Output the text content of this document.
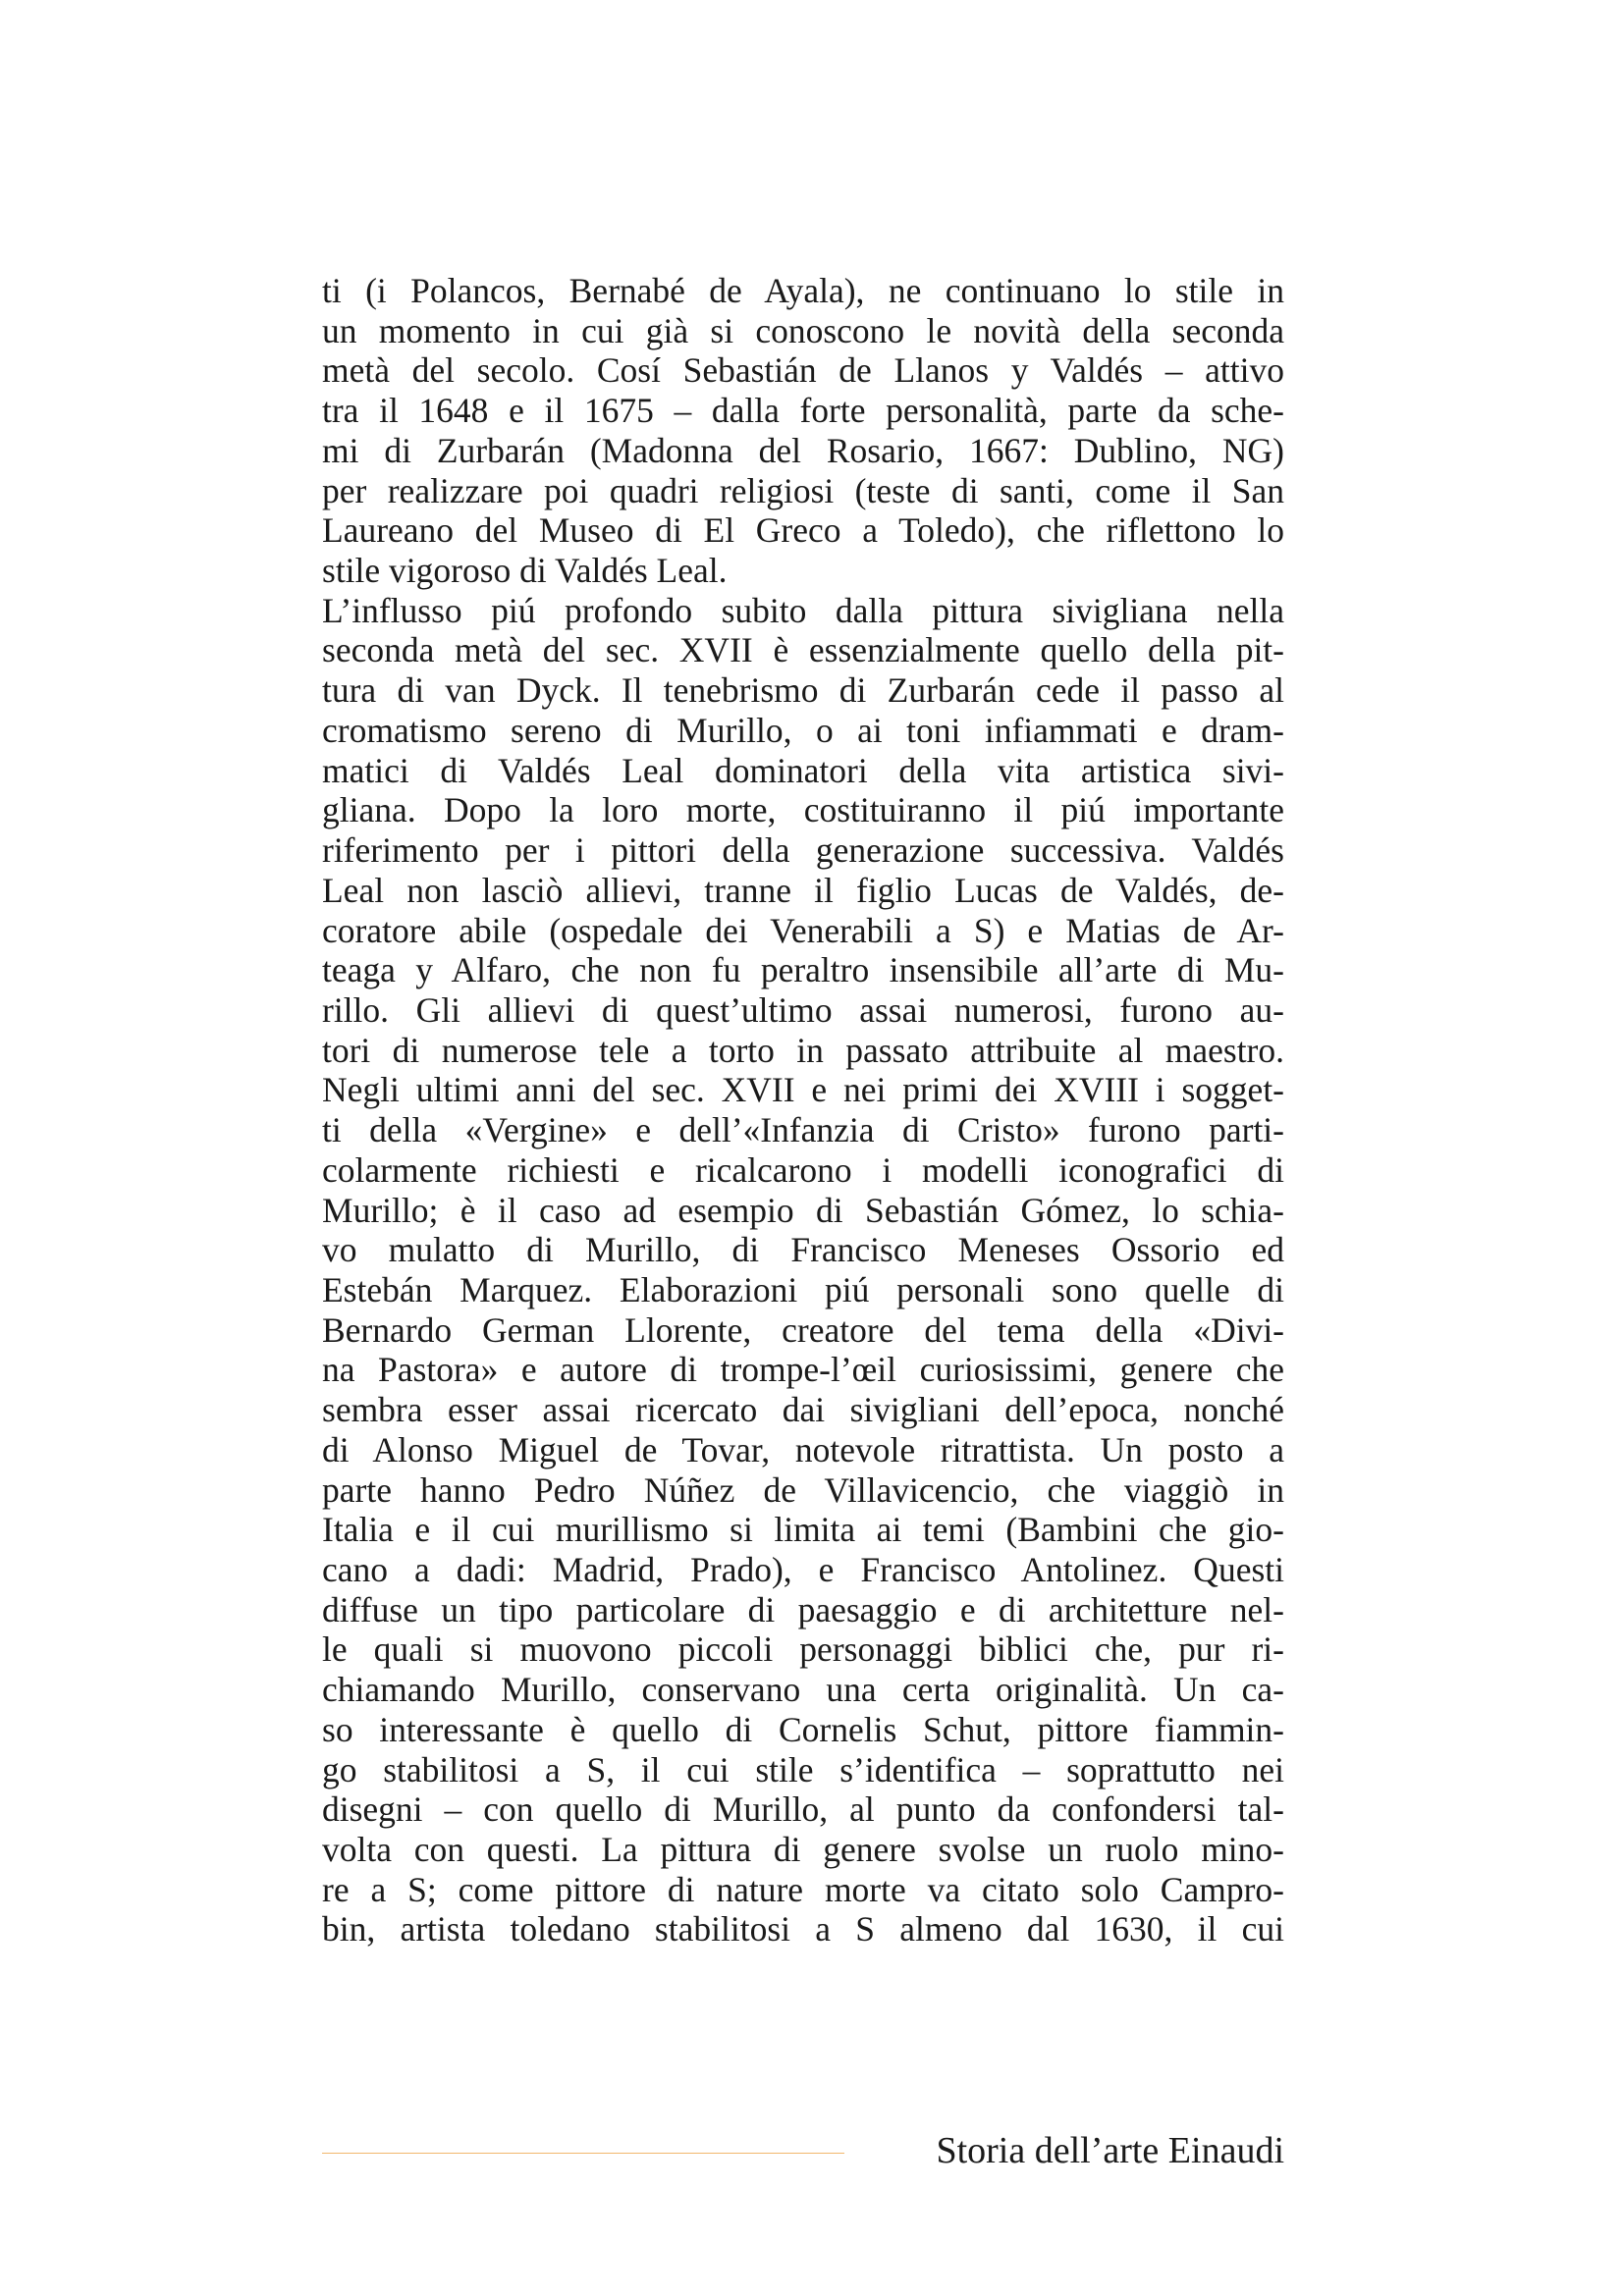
ti (i Polancos, Bernabé de Ayala), ne continuano lo stile in
un momento in cui già si conoscono le novità della seconda
metà del secolo. Cosí Sebastián de Llanos y Valdés – attivo
tra il 1648 e il 1675 – dalla forte personalità, parte da sche-
mi di Zurbarán (Madonna del Rosario, 1667: Dublino, NG)
per realizzare poi quadri religiosi (teste di santi, come il San
Laureano del Museo di El Greco a Toledo), che riflettono lo
stile vigoroso di Valdés Leal.
L’influsso piú profondo subito dalla pittura sivigliana nella
seconda metà del sec. XVII è essenzialmente quello della pit-
tura di van Dyck. Il tenebrismo di Zurbarán cede il passo al
cromatismo sereno di Murillo, o ai toni infiammati e dram-
matici di Valdés Leal dominatori della vita artistica sivi-
gliana. Dopo la loro morte, costituiranno il piú importante
riferimento per i pittori della generazione successiva. Valdés
Leal non lasciò allievi, tranne il figlio Lucas de Valdés, de-
coratore abile (ospedale dei Venerabili a S) e Matias de Ar-
teaga y Alfaro, che non fu peraltro insensibile all’arte di Mu-
rillo. Gli allievi di quest’ultimo assai numerosi, furono au-
tori di numerose tele a torto in passato attribuite al maestro.
Negli ultimi anni del sec. XVII e nei primi dei XVIII i sogget-
ti della «Vergine» e dell’«Infanzia di Cristo» furono parti-
colarmente richiesti e ricalcarono i modelli iconografici di
Murillo; è il caso ad esempio di Sebastián Gómez, lo schia-
vo mulatto di Murillo, di Francisco Meneses Ossorio ed
Estebán Marquez. Elaborazioni piú personali sono quelle di
Bernardo German Llorente, creatore del tema della «Divi-
na Pastora» e autore di trompe-l’œil curiosissimi, genere che
sembra esser assai ricercato dai sivigliani dell’epoca, nonché
di Alonso Miguel de Tovar, notevole ritrattista. Un posto a
parte hanno Pedro Núñez de Villavicencio, che viaggiò in
Italia e il cui murillismo si limita ai temi (Bambini che gio-
cano a dadi: Madrid, Prado), e Francisco Antolinez. Questi
diffuse un tipo particolare di paesaggio e di architetture nel-
le quali si muovono piccoli personaggi biblici che, pur ri-
chiamando Murillo, conservano una certa originalità. Un ca-
so interessante è quello di Cornelis Schut, pittore fiammin-
go stabilitosi a S, il cui stile s’identifica – soprattutto nei
disegni – con quello di Murillo, al punto da confondersi tal-
volta con questi. La pittura di genere svolse un ruolo mino-
re a S; come pittore di nature morte va citato solo Campro-
bin, artista toledano stabilitosi a S almeno dal 1630, il cui
Storia dell’arte Einaudi
